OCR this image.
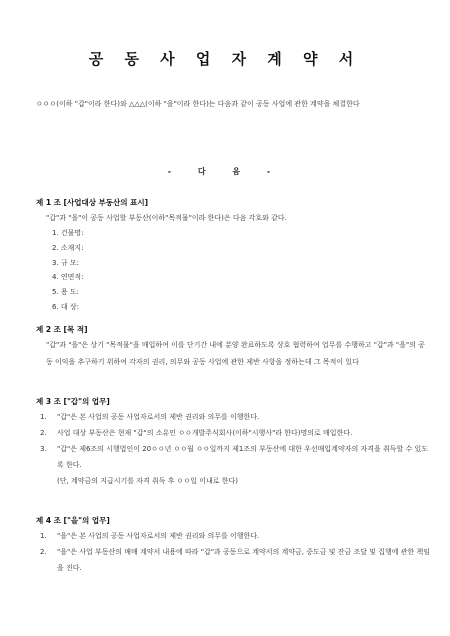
공 동 사 업 자 계 약 서
ㅇㅇㅇ(이하 "갑"이라 한다)와 △△△(이하 "을"이라 한다)는 다음과 같이 공동 사업에 관한 계약을 체결한다
- 다 음 -
제 1 조 [사업대상 부동산의 표시]
"갑"과 "을"이 공동 사업할 부동산(이하"목적물"이라 한다)은 다음 각호와 같다.
1. 건물명:
2. 소재지:
3. 규 모:
4. 연면적:
5. 용 도:
6. 대 상:
제 2 조 [목 적]
"갑"과 "을"은 상기 "목적물"을 매입하여 이를 단기간 내에 분양 완료하도록 상호 협력하여 업무를 수행하고 "갑"과 "을"의 공동 이익을 추구하기 위하여 각자의 권리, 의무와 공동 사업에 관한 제반 사항을 정하는데 그 목적이 있다
제 3 조 ["갑"의 업무]
1.	"갑"은 본 사업의 공동 사업자로서의 제반 권리와 의무를 이행한다.
2.	사업 대상 부동산은 현재 "갑"의 소유인 ㅇㅇ개발주식회사(이하"시행사"라 한다)명의로 매입한다.
3.	"갑"은 제6조의 시행법인이 20ㅇㅇ년 ㅇㅇ월 ㅇㅇ일까지 제1조의 부동산에 대한 우선매입계약자의 자격을 취득할 수 있도록 한다.
(단, 계약금의 지급시기를 자격 취득 후 ㅇㅇ일 이내로 한다)
제 4 조 ["을"의 업무]
1.	"을"은 본 사업의 공동 사업자로서의 제반 권리와 의무를 이행한다.
2.	"을"은 사업 부동산의 매매 계약서 내용에 따라 "갑"과 공동으로 계약서의 계약금, 중도금 및 잔금 조달 및 집행에 관한 책임을 진다.
